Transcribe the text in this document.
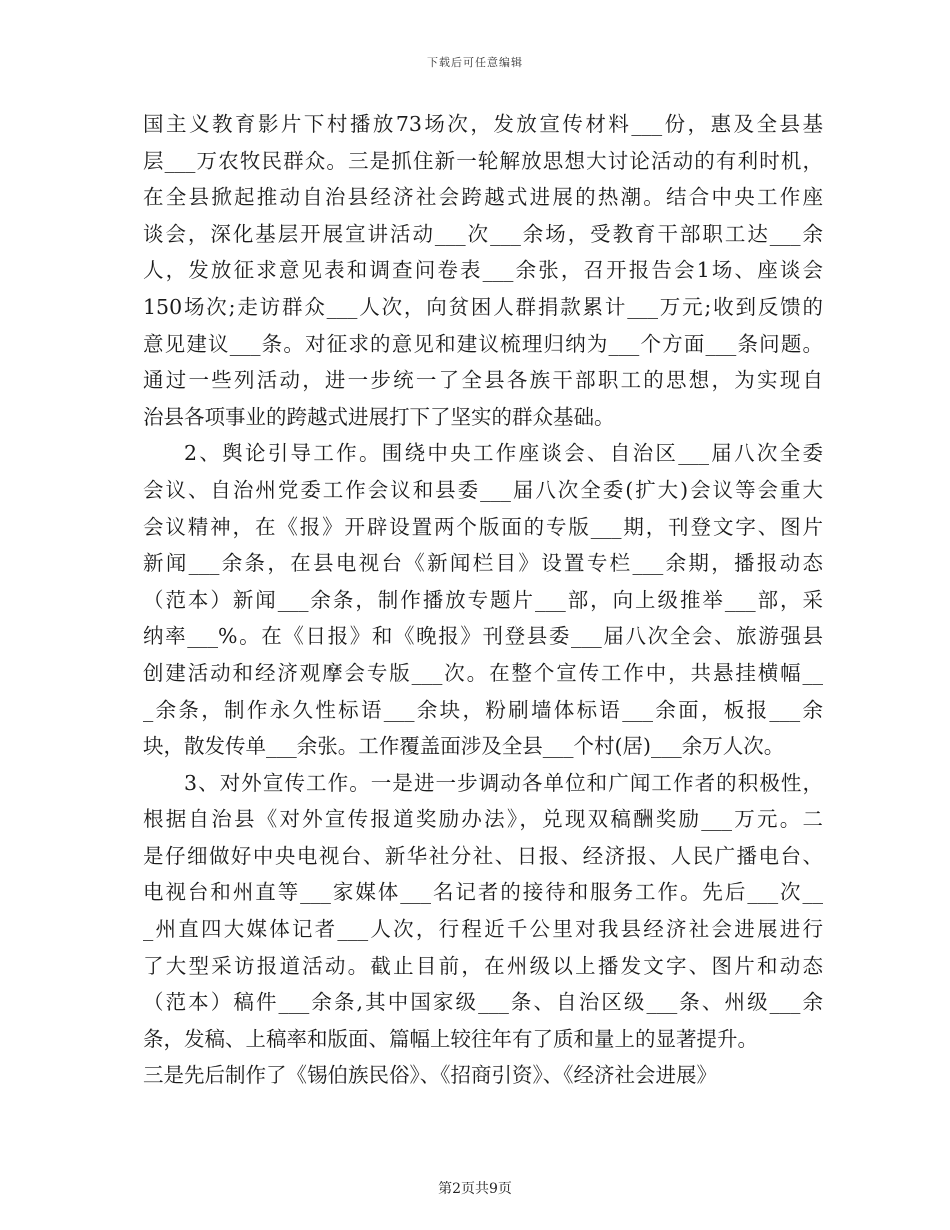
下载后可任意编辑
国主义教育影片下村播放73场次，发放宣传材料___份，惠及全县基
层___万农牧民群众。三是抓住新一轮解放思想大讨论活动的有利时机，
在全县掀起推动自治县经济社会跨越式进展的热潮。结合中央工作座
谈会，深化基层开展宣讲活动___次___余场，受教育干部职工达___余
人，发放征求意见表和调查问卷表___余张，召开报告会1场、座谈会
150场次;走访群众___人次，向贫困人群捐款累计___万元;收到反馈的
意见建议___条。对征求的意见和建议梳理归纳为___个方面___条问题。
通过一些列活动，进一步统一了全县各族干部职工的思想，为实现自
治县各项事业的跨越式进展打下了坚实的群众基础。
2、舆论引导工作。围绕中央工作座谈会、自治区___届八次全委
会议、自治州党委工作会议和县委___届八次全委(扩大)会议等会重大
会议精神，在《报》开辟设置两个版面的专版___期，刊登文字、图片
新闻___余条，在县电视台《新闻栏目》设置专栏___余期，播报动态
（范本）新闻___余条，制作播放专题片___部，向上级推举___部，采
纳率___%。在《日报》和《晚报》刊登县委___届八次全会、旅游强县
创建活动和经济观摩会专版___次。在整个宣传工作中，共悬挂横幅__
_余条，制作永久性标语___余块，粉刷墙体标语___余面，板报___余
块，散发传单___余张。工作覆盖面涉及全县___个村(居)___余万人次。
3、对外宣传工作。一是进一步调动各单位和广闻工作者的积极性，
根据自治县《对外宣传报道奖励办法》，兑现双稿酬奖励___万元。二
是仔细做好中央电视台、新华社分社、日报、经济报、人民广播电台、
电视台和州直等___家媒体___名记者的接待和服务工作。先后___次__
_州直四大媒体记者___人次，行程近千公里对我县经济社会进展进行
了大型采访报道活动。截止目前，在州级以上播发文字、图片和动态
（范本）稿件___余条,其中国家级___条、自治区级___条、州级___余
条，发稿、上稿率和版面、篇幅上较往年有了质和量上的显著提升。
三是先后制作了《锡伯族民俗》、《招商引资》、《经济社会进展》
第2页共9页
